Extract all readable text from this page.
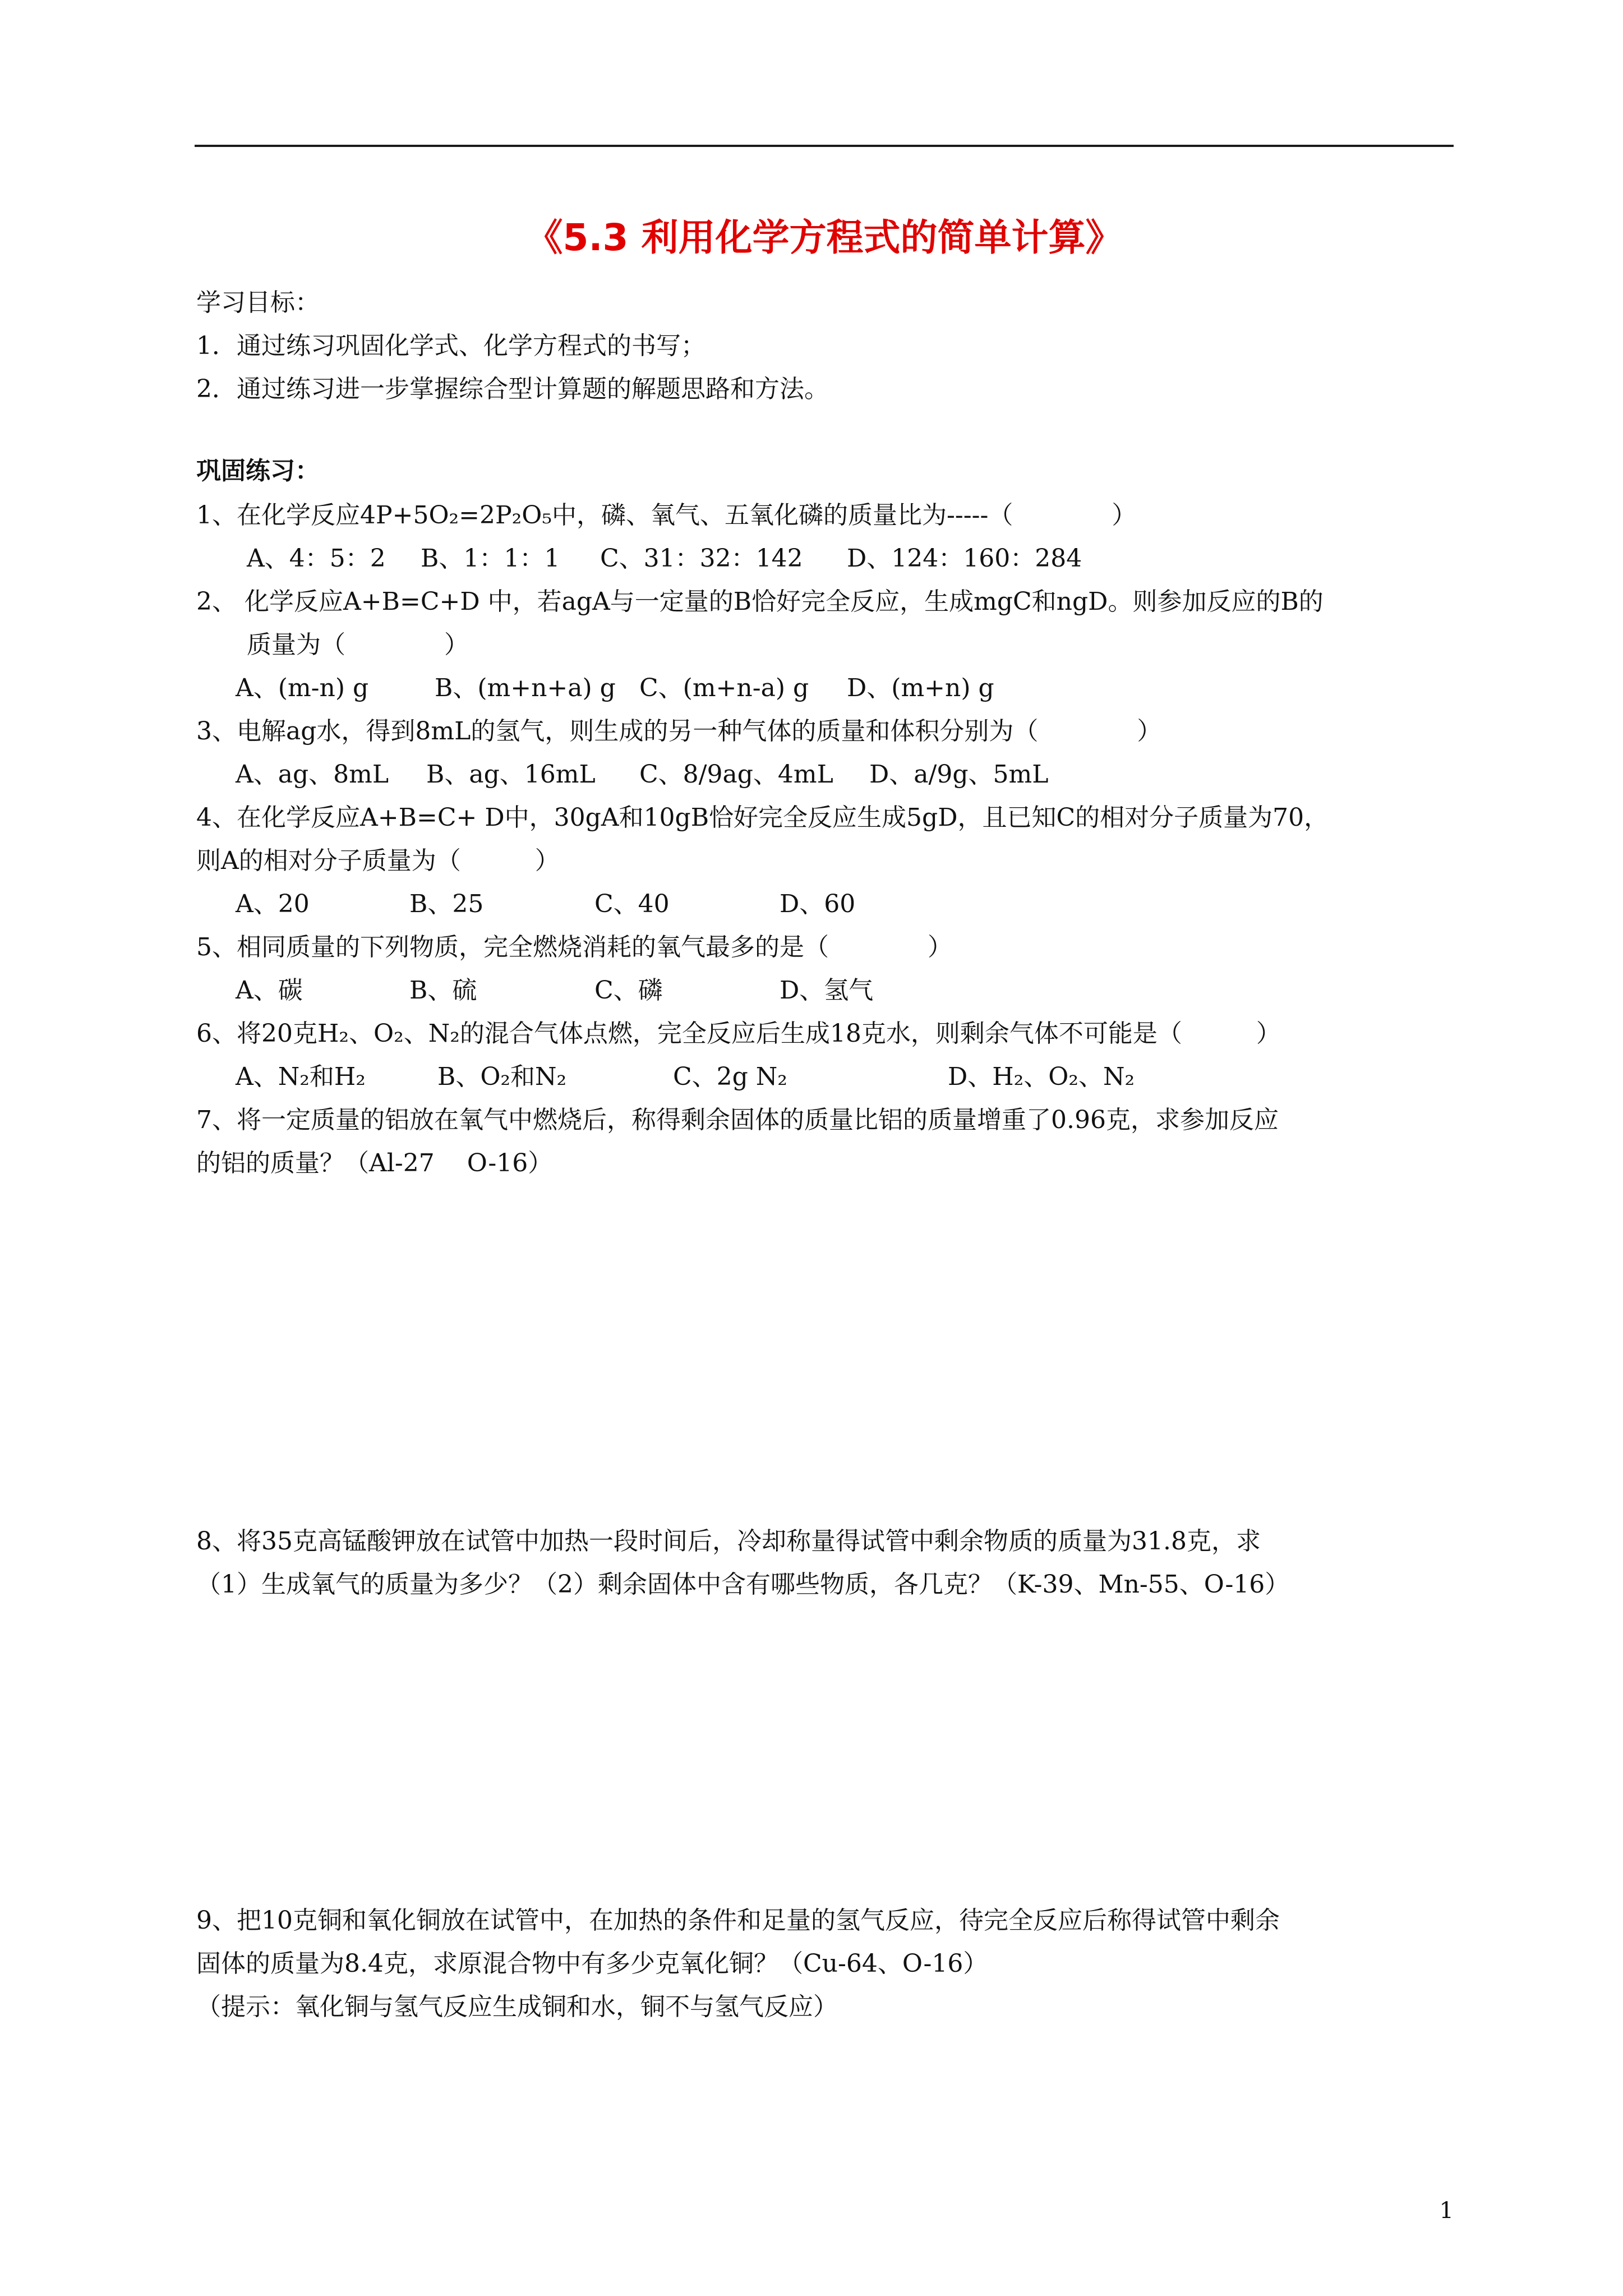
《5.3 利用化学方程式的简单计算》
学习目标：
1．通过练习巩固化学式、化学方程式的书写；
2．通过练习进一步掌握综合型计算题的解题思路和方法。
巩固练习：
1、在化学反应4P+5O₂=2P₂O₅中，磷、氧气、五氧化磷的质量比为-----（　　　　）
A、4：5：2	B、1：1：1	C、31：32：142	D、124：160：284
2、 化学反应A+B=C+D 中，若agA与一定量的B恰好完全反应，生成mgC和ngD。则参加反应的B的
质量为（　　　　）
A、(m-n) g	B、(m+n+a) g C、(m+n-a) g	D、(m+n) g
3、电解ag水，得到8mL的氢气，则生成的另一种气体的质量和体积分别为（　　　　）
A、ag、8mL	B、ag、16mL	C、8/9ag、4mL	D、a/9g、5mL
4、在化学反应A+B=C+ D中，30gA和10gB恰好完全反应生成5gD，且已知C的相对分子质量为70，
则A的相对分子质量为（　　　）
A、20	B、25	C、40	D、60
5、相同质量的下列物质，完全燃烧消耗的氧气最多的是（　　　　）
A、碳	B、硫	C、磷	D、氢气
6、将20克H₂、O₂、N₂的混合气体点燃，完全反应后生成18克水，则剩余气体不可能是（　　　）
A、N₂和H₂	B、O₂和N₂	C、2g N₂	D、H₂、O₂、N₂
7、将一定质量的铝放在氧气中燃烧后，称得剩余固体的质量比铝的质量增重了0.96克，求参加反应
的铝的质量？（Al-27 　O-16）
8、将35克高锰酸钾放在试管中加热一段时间后，冷却称量得试管中剩余物质的质量为31.8克，求
（1）生成氧气的质量为多少？（2）剩余固体中含有哪些物质，各几克？（K-39、Mn-55、O-16）
9、把10克铜和氧化铜放在试管中，在加热的条件和足量的氢气反应，待完全反应后称得试管中剩余
固体的质量为8.4克，求原混合物中有多少克氧化铜？（Cu-64、O-16）
（提示：氧化铜与氢气反应生成铜和水，铜不与氢气反应）
1
